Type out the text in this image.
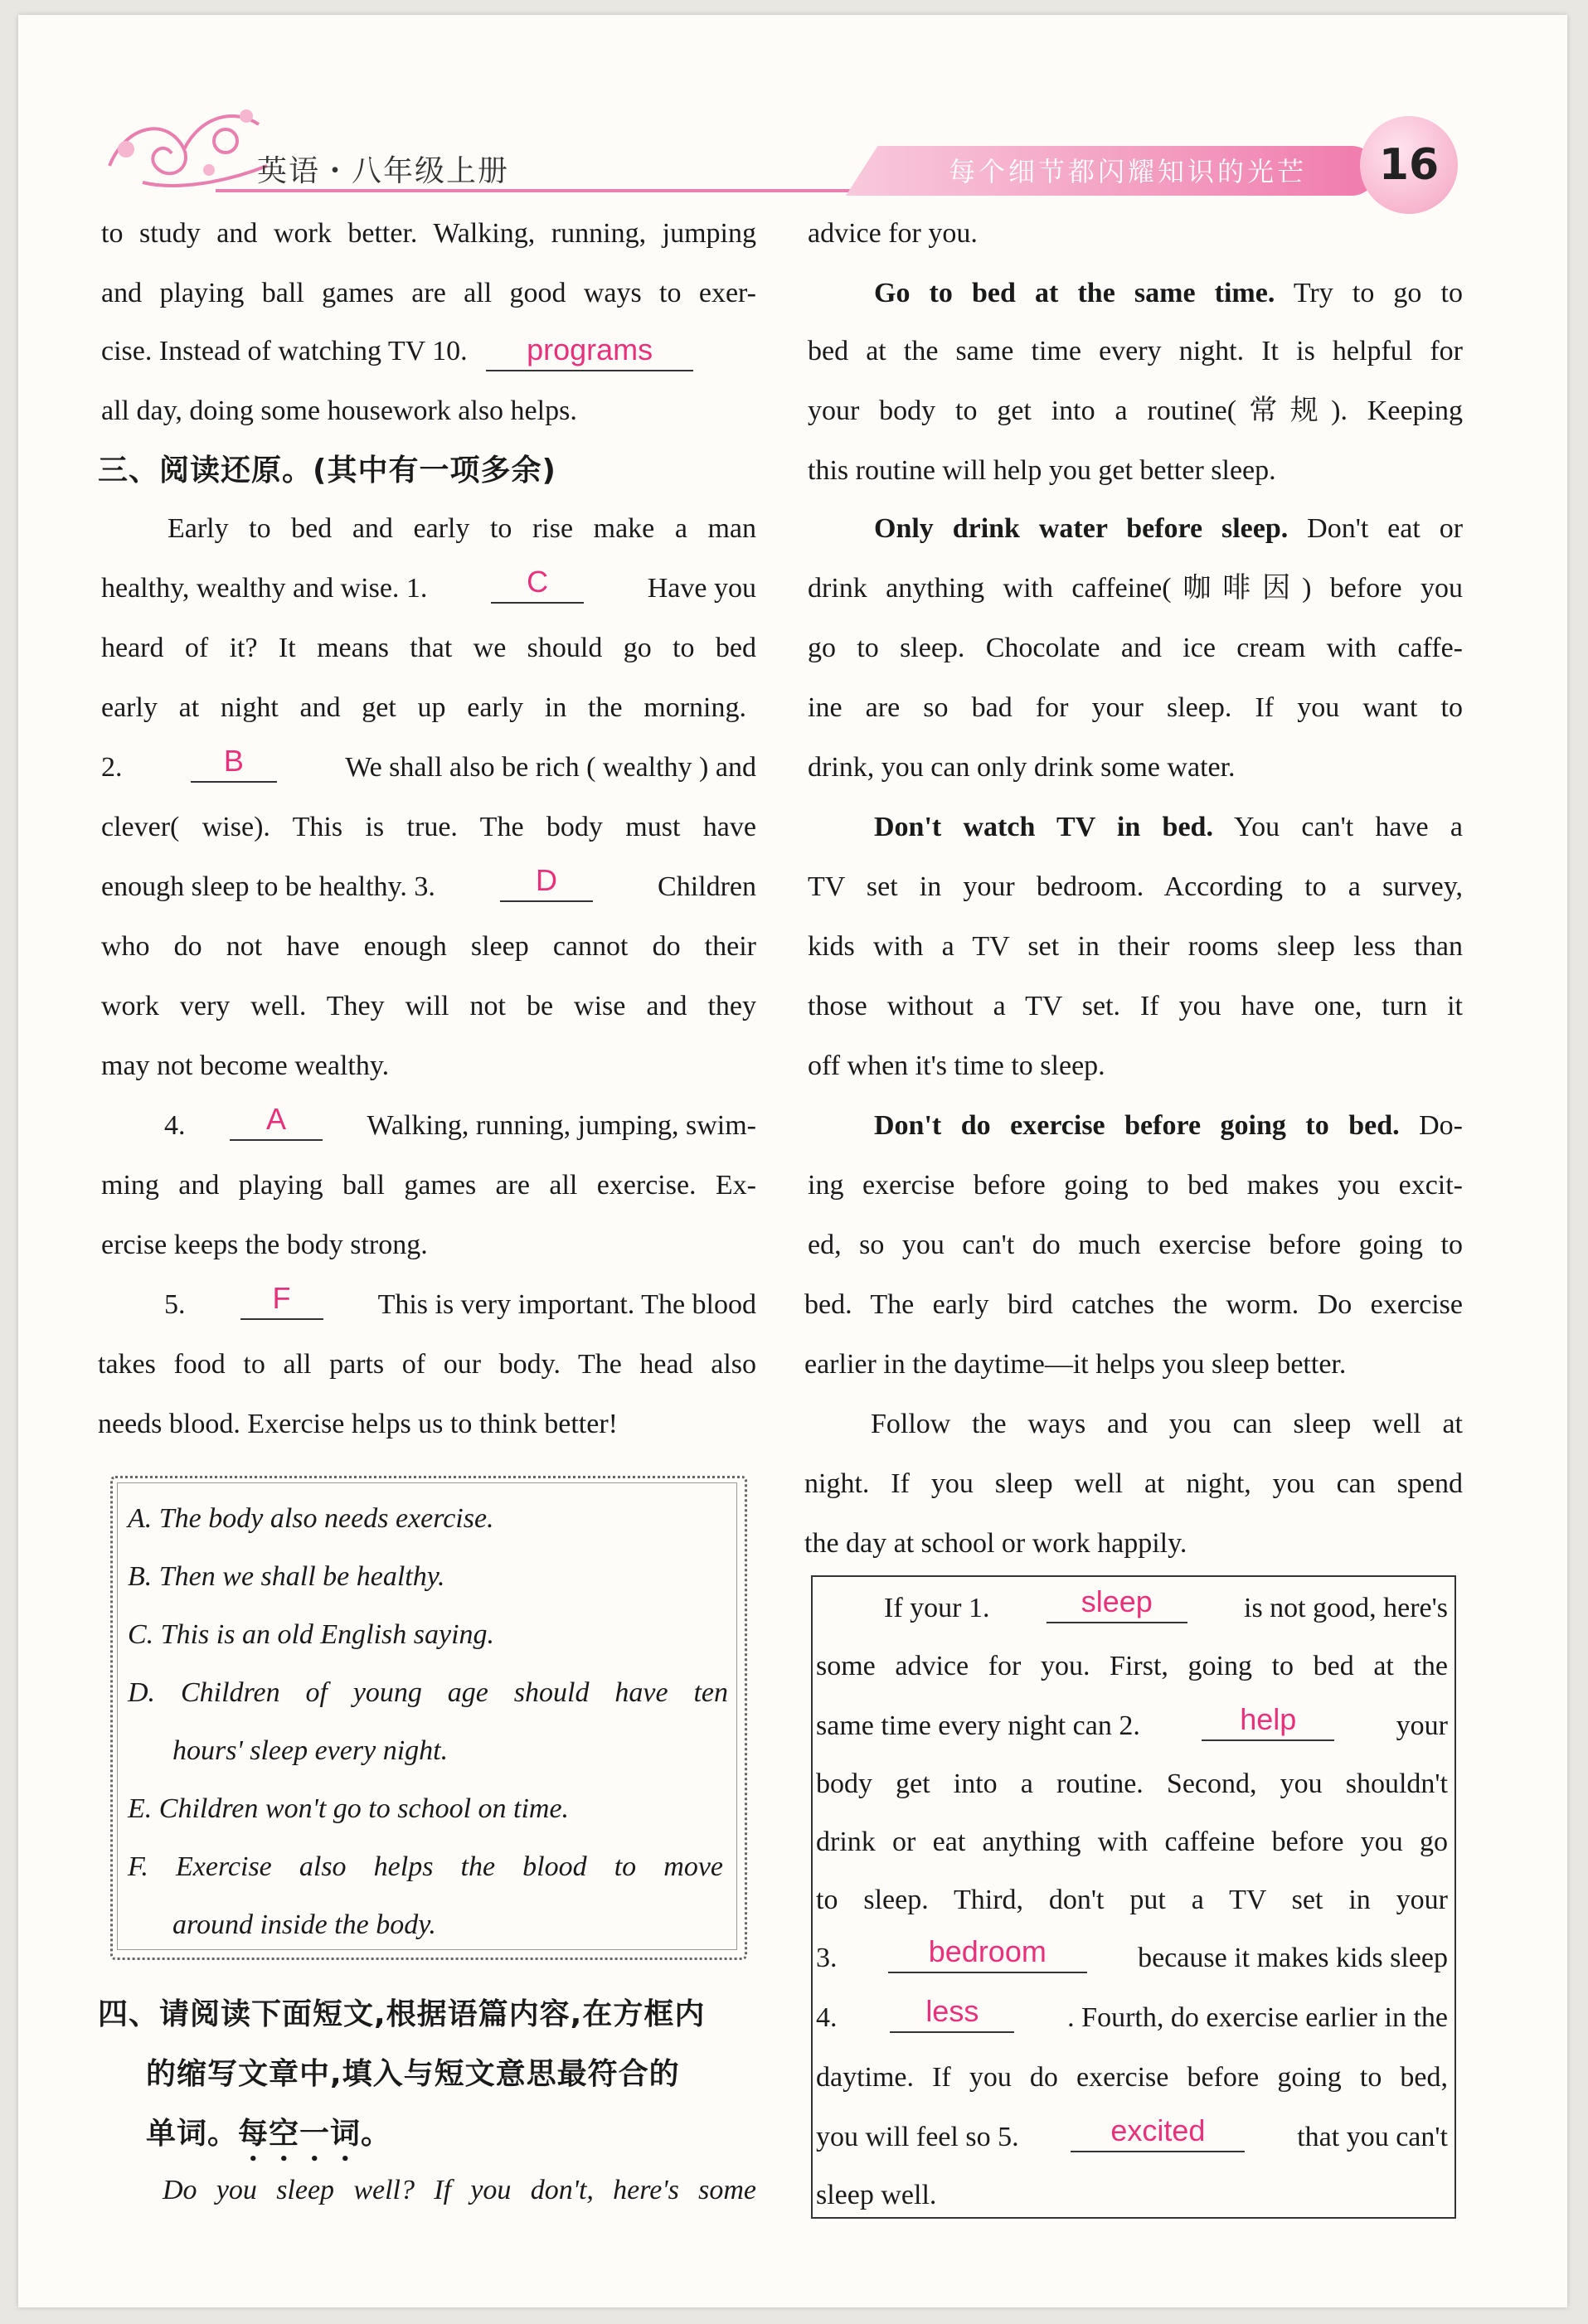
英语・八年级上册	每个细节都闪耀知识的光芒	16
to study and work better. Walking, running, jumping
and playing ball games are all good ways to exer-
cise. Instead of watching TV 10. programs
all day, doing some housework also helps.
三、阅读还原。(其中有一项多余)
Early to bed and early to rise make a man
healthy, wealthy and wise. 1.	C	Have you
heard of it? It means that we should go to bed
early at night and get up early in the morning.
2.	B	We shall also be rich ( wealthy ) and
clever( wise). This is true. The body must have
enough sleep to be healthy. 3.	D	Children
who do not have enough sleep cannot do their
work very well. They will not be wise and they
may not become wealthy.
4.	A	Walking, running, jumping, swim-
ming and playing ball games are all exercise. Ex-
ercise keeps the body strong.
5.	F	This is very important. The blood
takes food to all parts of our body. The head also
needs blood. Exercise helps us to think better!
A. The body also needs exercise.
B. Then we shall be healthy.
C. This is an old English saying.
D. Children of young age should have ten
hours' sleep every night.
E. Children won't go to school on time.
F. Exercise also helps the blood to move
around inside the body.
四、请阅读下面短文,根据语篇内容,在方框内
的缩写文章中,填入与短文意思最符合的
单词。每空一词。
Do you sleep well? If you don't, here's some
advice for you.
Go to bed at the same time. Try to go to
bed at the same time every night. It is helpful for
your body to get into a routine(常规). Keeping
this routine will help you get better sleep.
Only drink water before sleep. Don't eat or
drink anything with caffeine(咖啡因) before you
go to sleep. Chocolate and ice cream with caffe-
ine are so bad for your sleep. If you want to
drink, you can only drink some water.
Don't watch TV in bed. You can't have a
TV set in your bedroom. According to a survey,
kids with a TV set in their rooms sleep less than
those without a TV set. If you have one, turn it
off when it's time to sleep.
Don't do exercise before going to bed. Do-
ing exercise before going to bed makes you excit-
ed, so you can't do much exercise before going to
bed. The early bird catches the worm. Do exercise
earlier in the daytime—it helps you sleep better.
Follow the ways and you can sleep well at
night. If you sleep well at night, you can spend
the day at school or work happily.
If your 1.	sleep	is not good, here's
some advice for you. First, going to bed at the
same time every night can 2.	help	your
body get into a routine. Second, you shouldn't
drink or eat anything with caffeine before you go
to sleep. Third, don't put a TV set in your
3.	bedroom	because it makes kids sleep
4.	less	. Fourth, do exercise earlier in the
daytime. If you do exercise before going to bed,
you will feel so 5.	excited	that you can't
sleep well.
